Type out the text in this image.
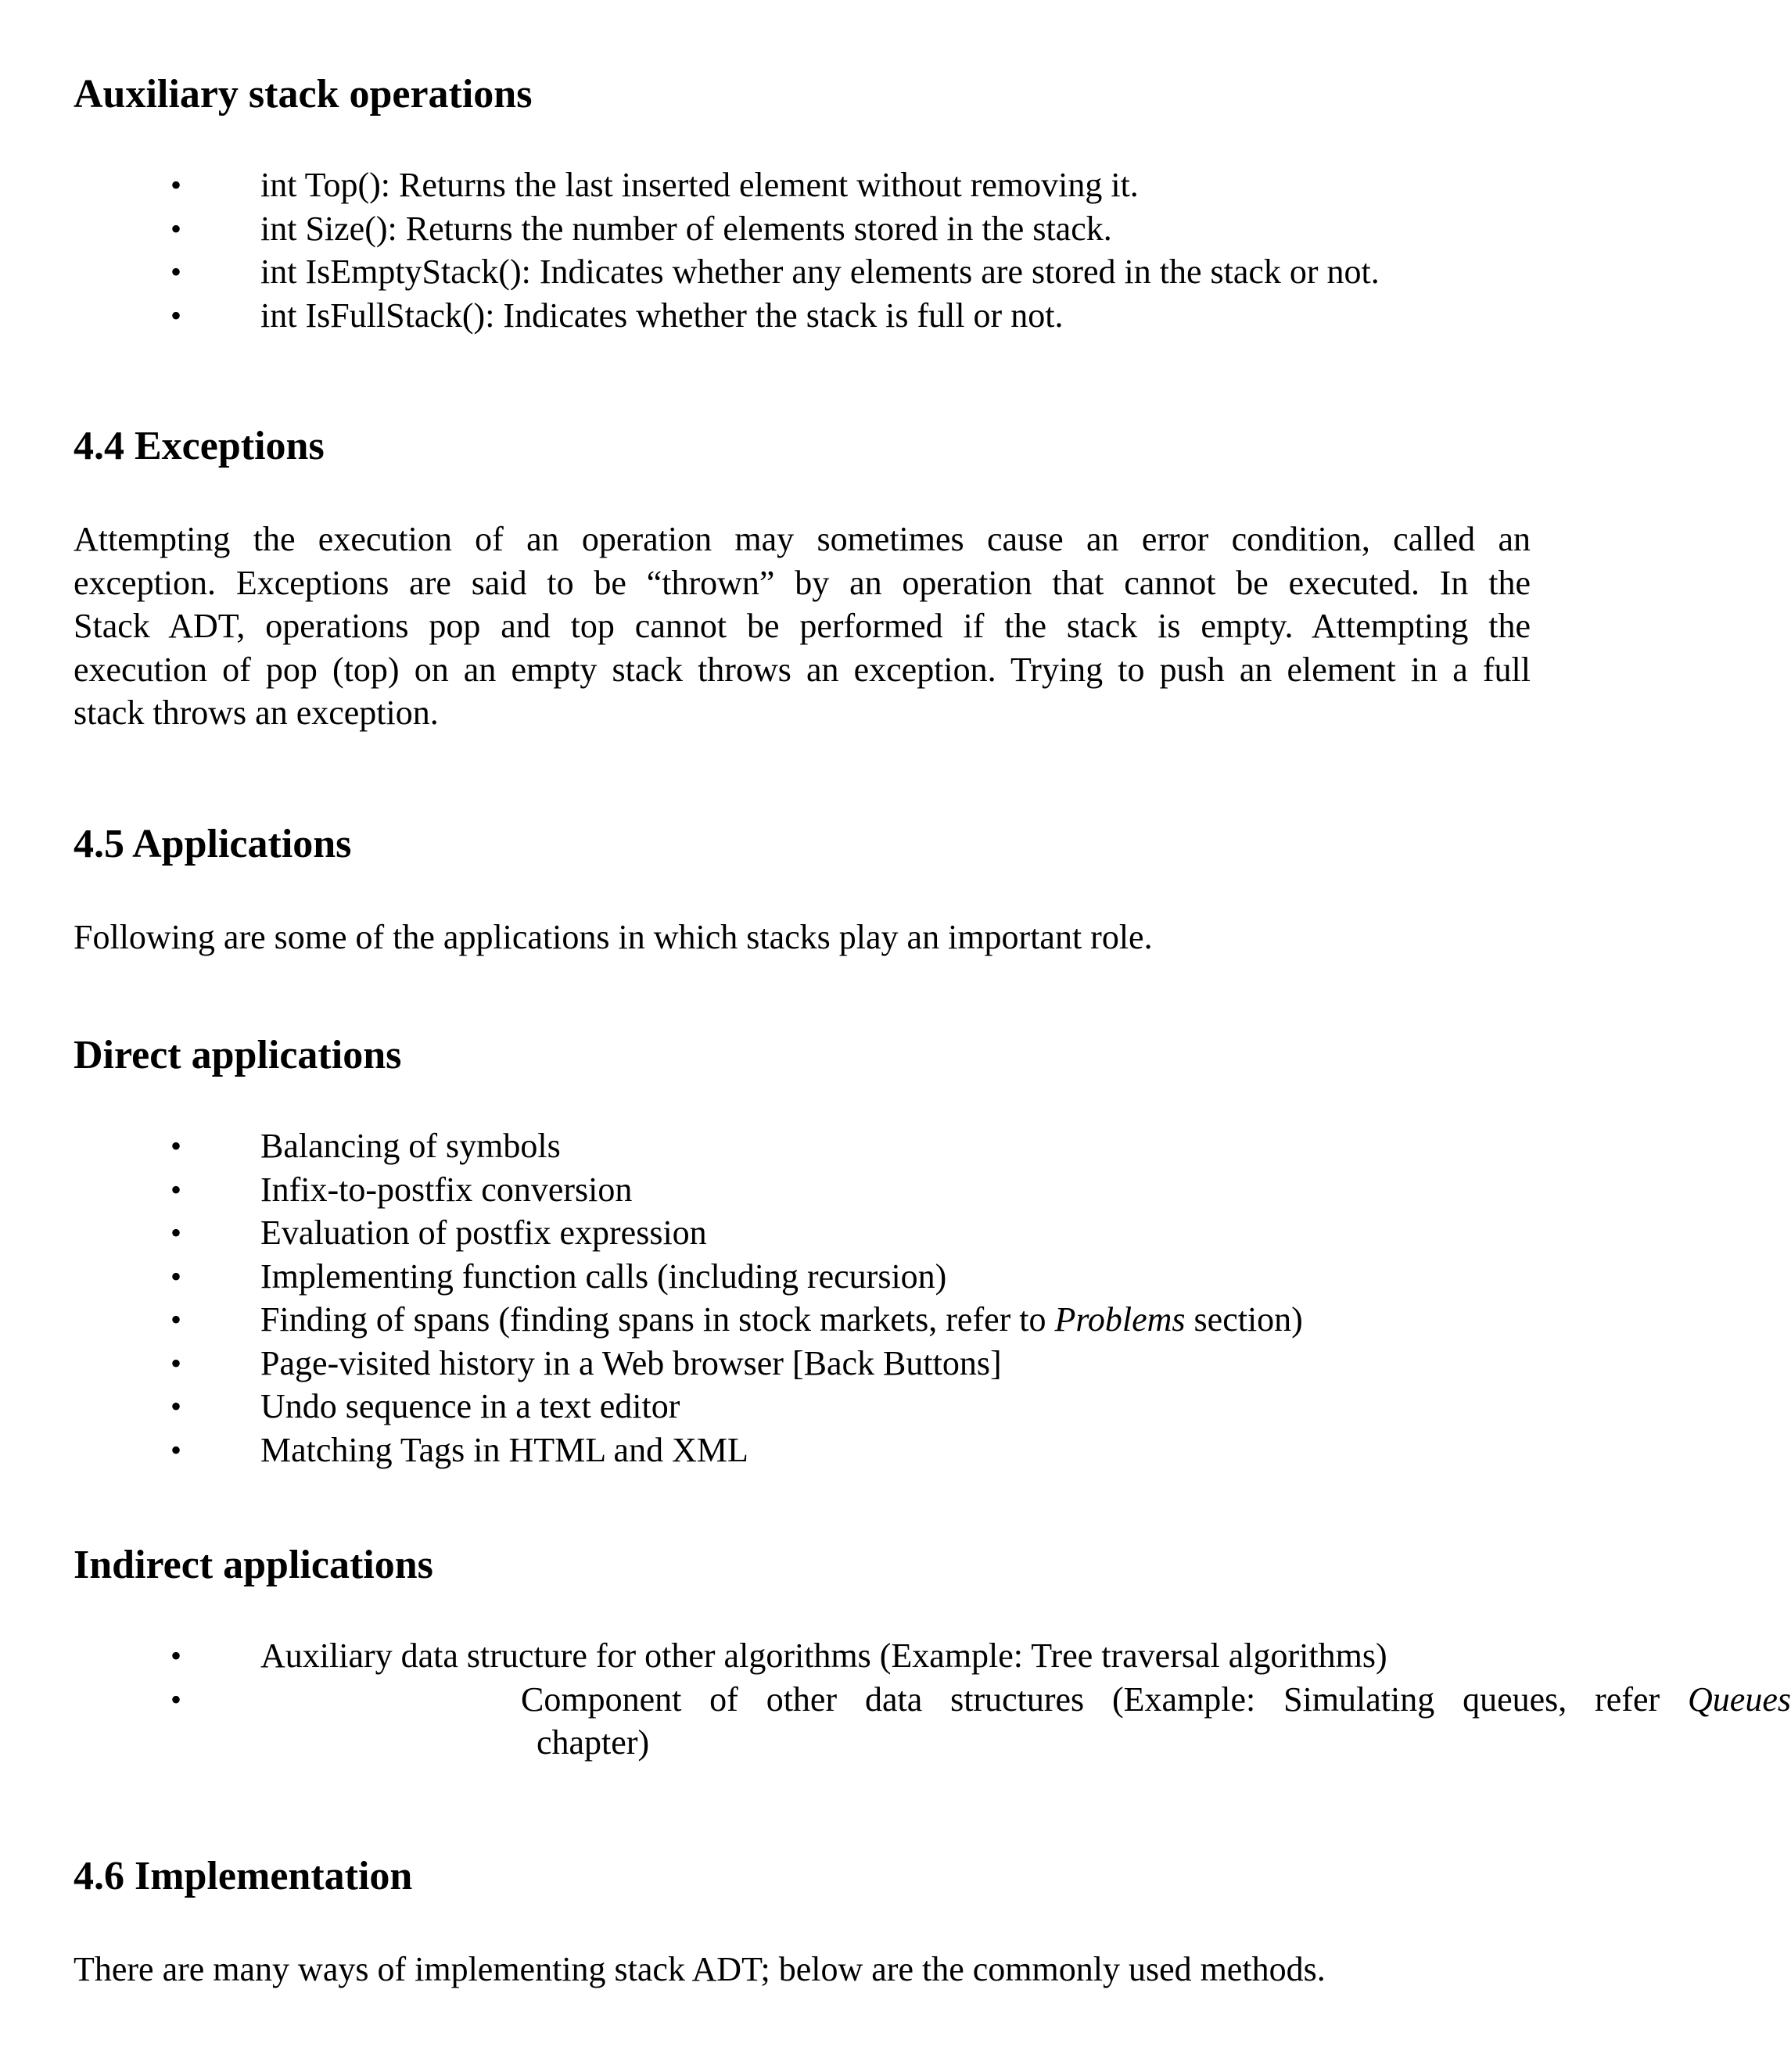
Auxiliary stack operations
• int Top(): Returns the last inserted element without removing it.
• int Size(): Returns the number of elements stored in the stack.
• int IsEmptyStack(): Indicates whether any elements are stored in the stack or not.
• int IsFullStack(): Indicates whether the stack is full or not.
4.4 Exceptions
Attempting the execution of an operation may sometimes cause an error condition, called an
exception. Exceptions are said to be “thrown” by an operation that cannot be executed. In the
Stack ADT, operations pop and top cannot be performed if the stack is empty. Attempting the
execution of pop (top) on an empty stack throws an exception. Trying to push an element in a full
stack throws an exception.
4.5 Applications

Following are some of the applications in which stacks play an important role.

Direct applications
• Balancing of symbols
• Infix-to-postfix conversion
• Evaluation of postfix expression
• Implementing function calls (including recursion)
• Finding of spans (finding spans in stock markets, refer to Problems section)
• Page-visited history in a Web browser [Back Buttons]
• Undo sequence in a text editor
• Matching Tags in HTML and XML
Indirect applications
• Auxiliary data structure for other algorithms (Example: Tree traversal algorithms)
•	Component of other data structures (Example: Simulating queues, refer Queues
chapter)
4.6 Implementation

There are many ways of implementing stack ADT; below are the commonly used methods.
